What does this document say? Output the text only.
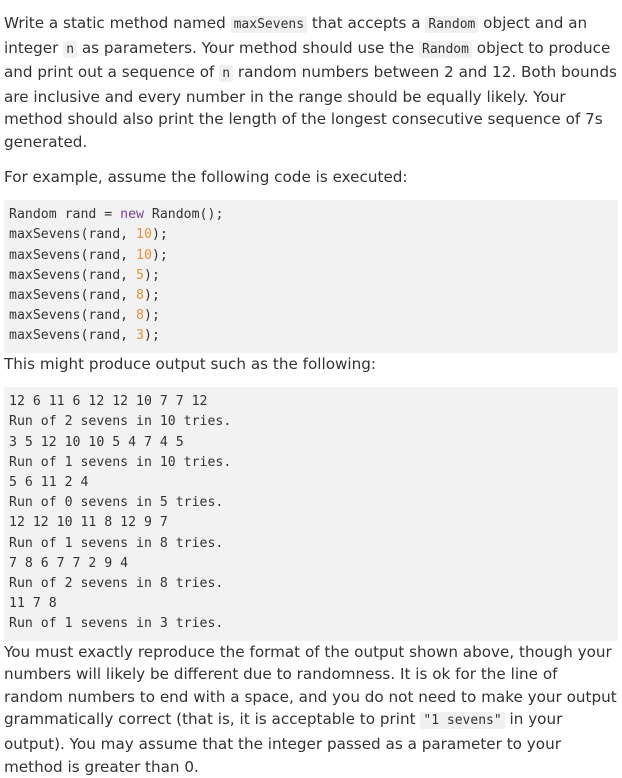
Write a static method named maxSevens that accepts a Random object and an integer n as parameters. Your method should use the Random object to produce and print out a sequence of n random numbers between 2 and 12. Both bounds are inclusive and every number in the range should be equally likely. Your method should also print the length of the longest consecutive sequence of 7s generated.

For example, assume the following code is executed:

Random rand = new Random();
maxSevens(rand, 10);
maxSevens(rand, 10);
maxSevens(rand, 5);
maxSevens(rand, 8);
maxSevens(rand, 8);
maxSevens(rand, 3);

This might produce output such as the following:

12 6 11 6 12 12 10 7 7 12
Run of 2 sevens in 10 tries.
3 5 12 10 10 5 4 7 4 5
Run of 1 sevens in 10 tries.
5 6 11 2 4
Run of 0 sevens in 5 tries.
12 12 10 11 8 12 9 7
Run of 1 sevens in 8 tries.
7 8 6 7 7 2 9 4
Run of 2 sevens in 8 tries.
11 7 8
Run of 1 sevens in 3 tries.

You must exactly reproduce the format of the output shown above, though your numbers will likely be different due to randomness. It is ok for the line of random numbers to end with a space, and you do not need to make your output grammatically correct (that is, it is acceptable to print "1 sevens" in your output). You may assume that the integer passed as a parameter to your method is greater than 0.
